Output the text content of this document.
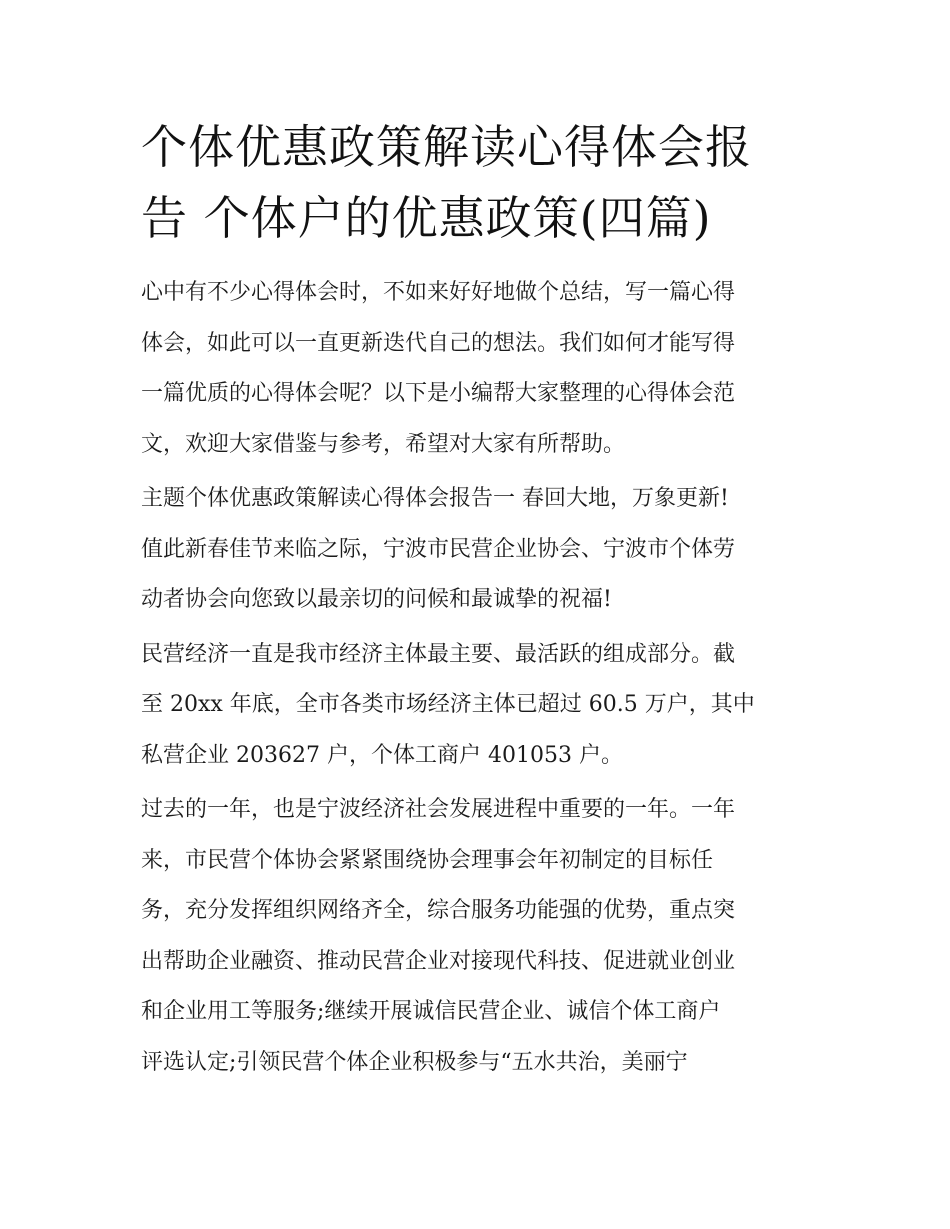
个体优惠政策解读心得体会报
告 个体户的优惠政策(四篇)

心中有不少心得体会时，不如来好好地做个总结，写一篇心得
体会，如此可以一直更新迭代自己的想法。我们如何才能写得
一篇优质的心得体会呢？以下是小编帮大家整理的心得体会范
文，欢迎大家借鉴与参考，希望对大家有所帮助。

主题个体优惠政策解读心得体会报告一 春回大地，万象更新!
值此新春佳节来临之际，宁波市民营企业协会、宁波市个体劳
动者协会向您致以最亲切的问候和最诚挚的祝福!

民营经济一直是我市经济主体最主要、最活跃的组成部分。截
至 20xx 年底，全市各类市场经济主体已超过 60.5 万户，其中
私营企业 203627 户，个体工商户 401053 户。

过去的一年，也是宁波经济社会发展进程中重要的一年。一年
来，市民营个体协会紧紧围绕协会理事会年初制定的目标任
务，充分发挥组织网络齐全，综合服务功能强的优势，重点突
出帮助企业融资、推动民营企业对接现代科技、促进就业创业
和企业用工等服务;继续开展诚信民营企业、诚信个体工商户
评选认定;引领民营个体企业积极参与“五水共治，美丽宁
